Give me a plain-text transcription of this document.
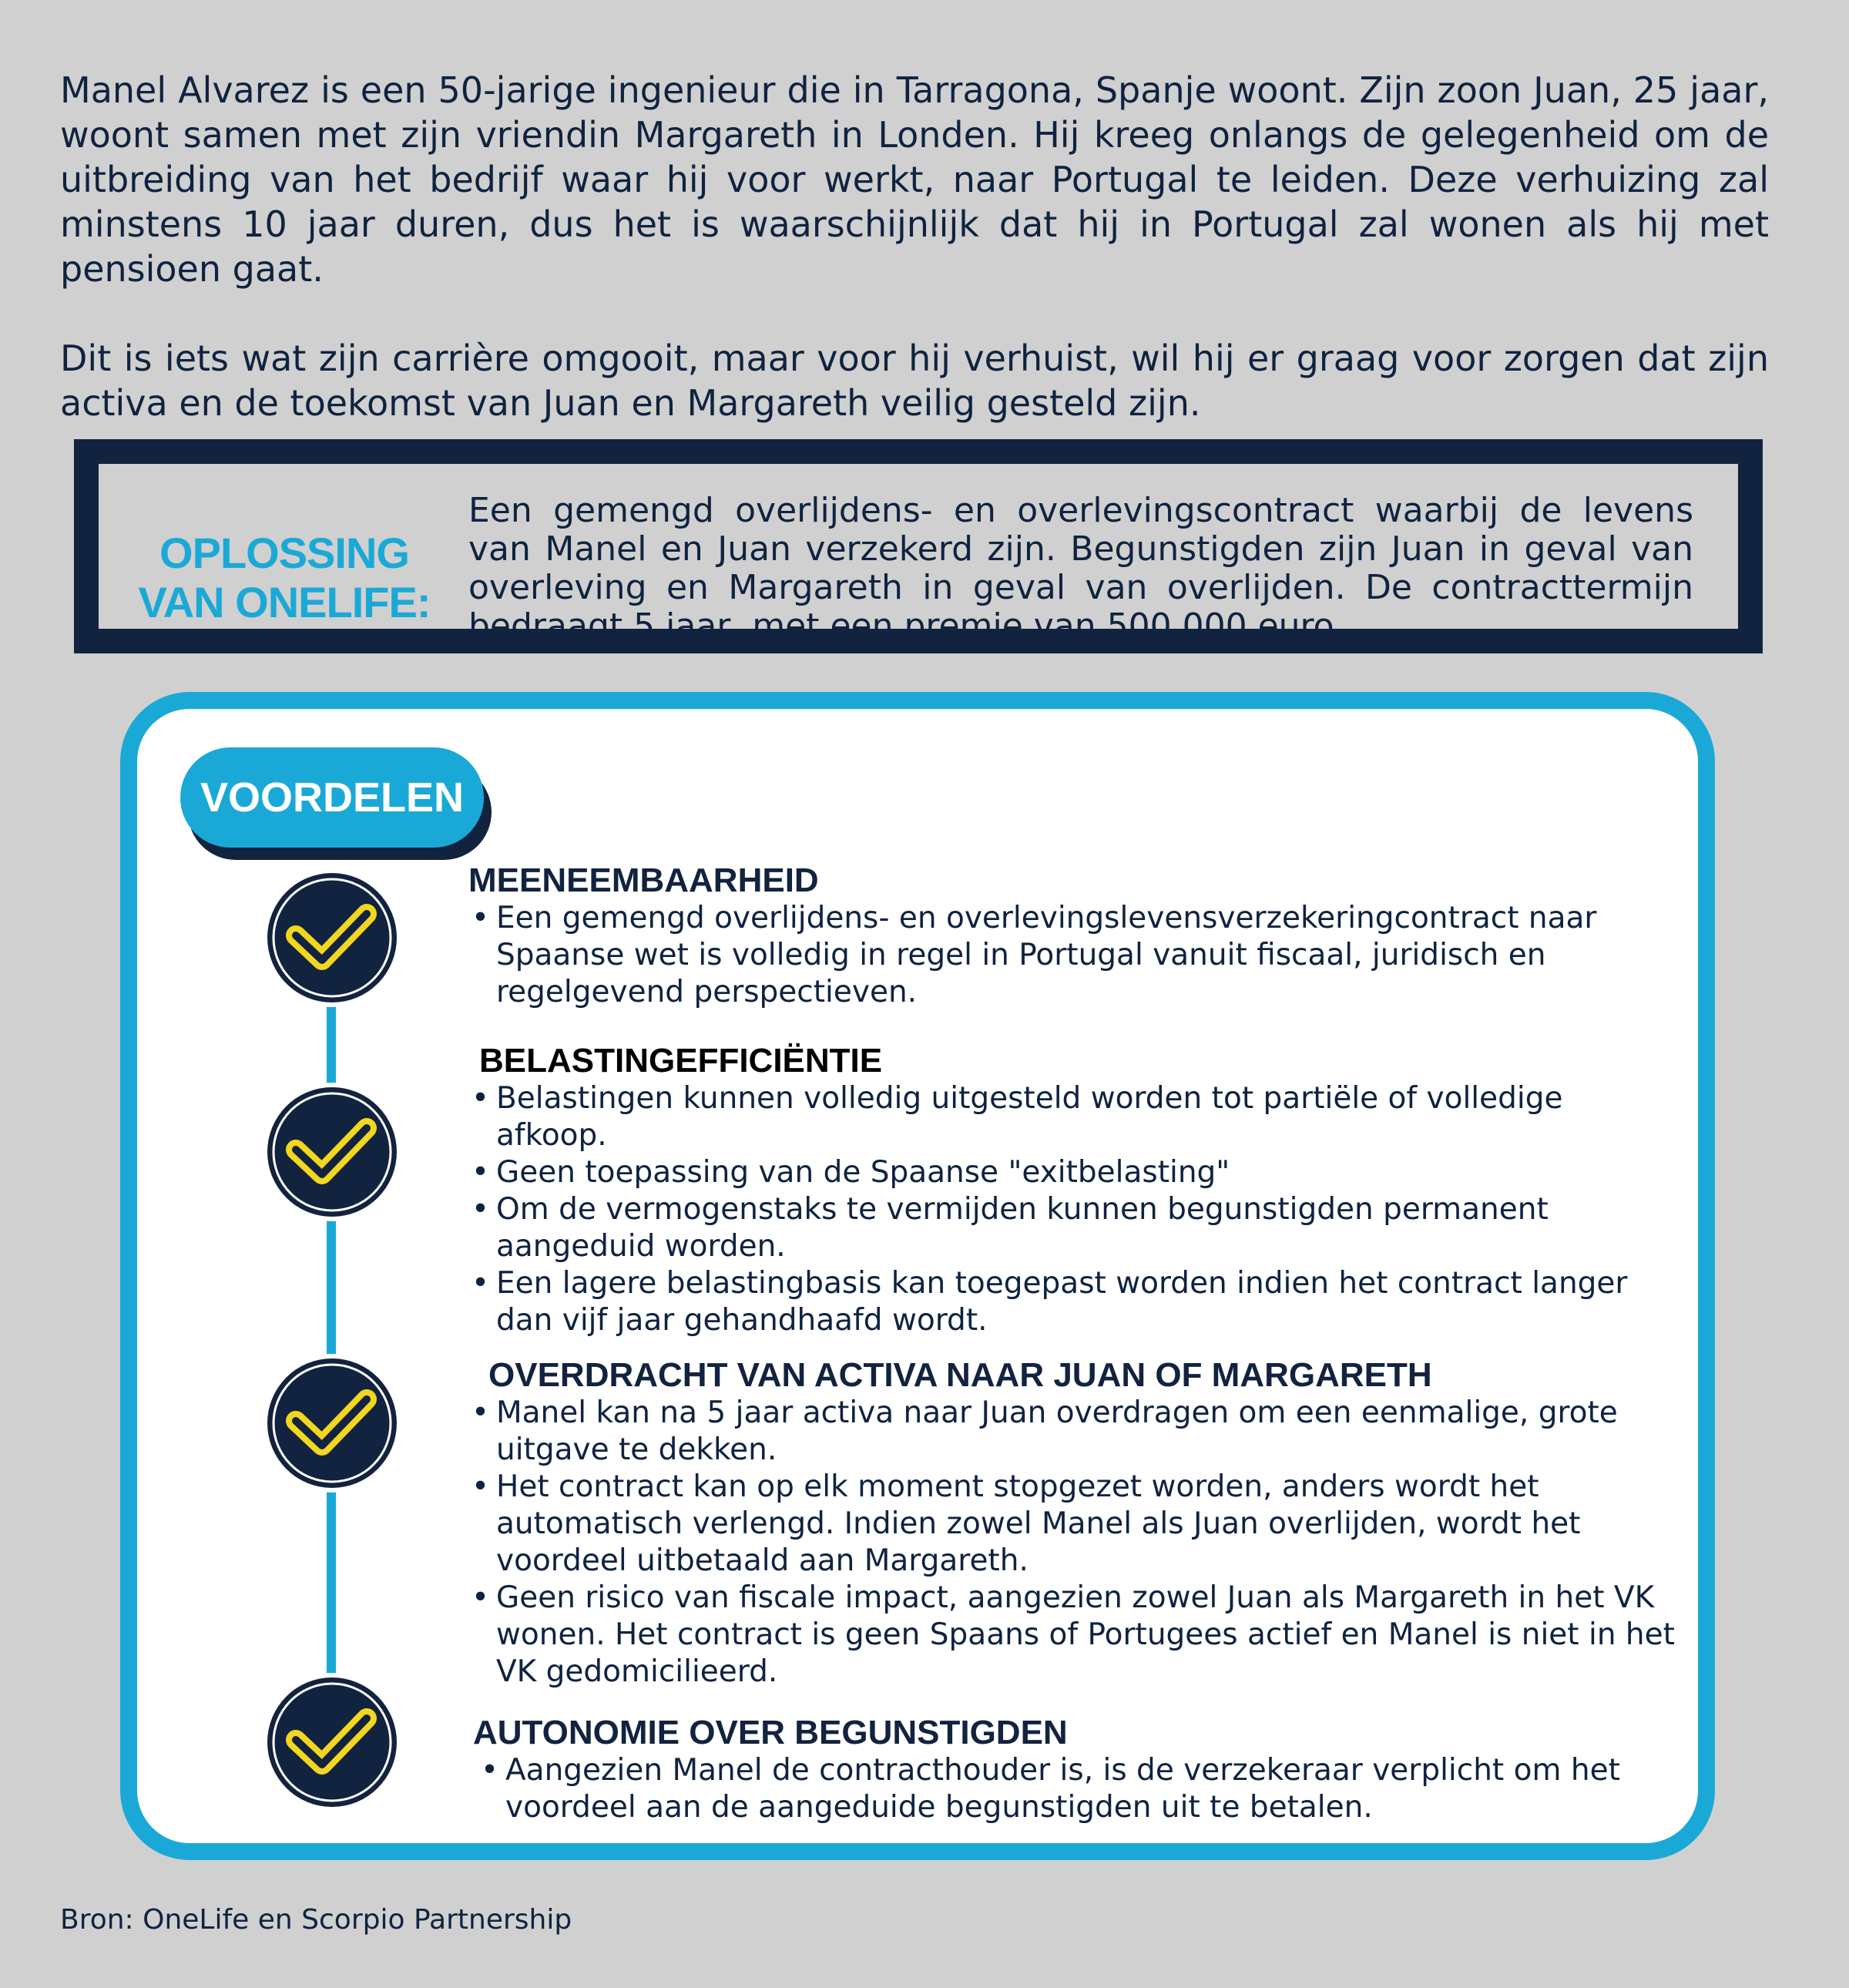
Manel Alvarez is een 50-jarige ingenieur die in Tarragona, Spanje woont. Zijn zoon Juan, 25 jaar, woont samen met zijn vriendin Margareth in Londen. Hij kreeg onlangs de gelegenheid om de uitbreiding van het bedrijf waar hij voor werkt, naar Portugal te leiden. Deze verhuizing zal minstens 10 jaar duren, dus het is waarschijnlijk dat hij in Portugal zal wonen als hij met pensioen gaat.

Dit is iets wat zijn carrière omgooit, maar voor hij verhuist, wil hij er graag voor zorgen dat zijn activa en de toekomst van Juan en Margareth veilig gesteld zijn.

OPLOSSING
VAN ONELIFE:
Een gemengd overlijdens- en overlevingscontract waarbij de levens van Manel en Juan verzekerd zijn. Begunstigden zijn Juan in geval van overleving en Margareth in geval van overlijden. De contracttermijn bedraagt 5 jaar, met een premie van 500.000 euro.
VOORDELEN
MEENEEMBAARHEID
• Een gemengd overlijdens- en overlevingslevensverzekeringcontract naar Spaanse wet is volledig in regel in Portugal vanuit fiscaal, juridisch en regelgevend perspectieven.
BELASTINGEFFICIËNTIE
• Belastingen kunnen volledig uitgesteld worden tot partiële of volledige afkoop.
• Geen toepassing van de Spaanse "exitbelasting"
• Om de vermogenstaks te vermijden kunnen begunstigden permanent aangeduid worden.
• Een lagere belastingbasis kan toegepast worden indien het contract langer dan vijf jaar gehandhaafd wordt.
OVERDRACHT VAN ACTIVA NAAR JUAN OF MARGARETH
• Manel kan na 5 jaar activa naar Juan overdragen om een eenmalige, grote uitgave te dekken.
• Het contract kan op elk moment stopgezet worden, anders wordt het automatisch verlengd. Indien zowel Manel als Juan overlijden, wordt het voordeel uitbetaald aan Margareth.
• Geen risico van fiscale impact, aangezien zowel Juan als Margareth in het VK wonen. Het contract is geen Spaans of Portugees actief en Manel is niet in het VK gedomicilieerd.
AUTONOMIE OVER BEGUNSTIGDEN
• Aangezien Manel de contracthouder is, is de verzekeraar verplicht om het voordeel aan de aangeduide begunstigden uit te betalen.
Bron: OneLife en Scorpio Partnership
